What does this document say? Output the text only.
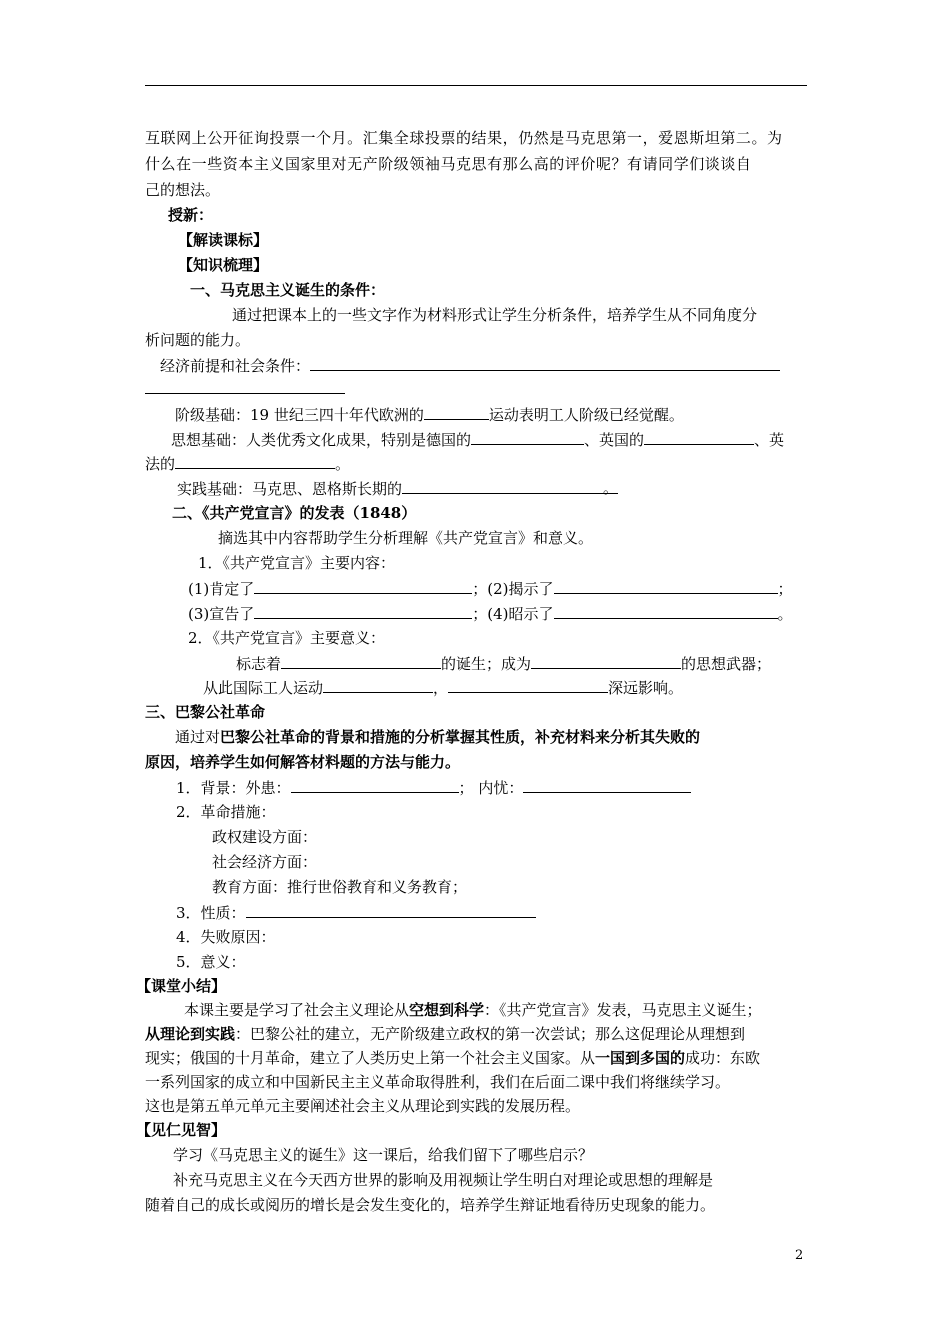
互联网上公开征询投票一个月。汇集全球投票的结果，仍然是马克思第一，爱恩斯坦第二。为
什么在一些资本主义国家里对无产阶级领袖马克思有那么高的评价呢？有请同学们谈谈自
己的想法。
授新：
【解读课标】
【知识梳理】
一、马克思主义诞生的条件：
通过把课本上的一些文字作为材料形式让学生分析条件，培养学生从不同角度分
析问题的能力。
经济前提和社会条件：
阶级基础：19 世纪三四十年代欧洲的	运动表明工人阶级已经觉醒。
思想基础：人类优秀文化成果，特别是德国的	、英国的	、英
法的	。
实践基础：马克思、恩格斯长期的	。
二、《共产党宣言》的发表（1848）
摘选其中内容帮助学生分析理解《共产党宣言》和意义。
1．《共产党宣言》主要内容：
(1)肯定了	；(2)揭示了	；
(3)宣告了	；(4)昭示了	。
2．《共产党宣言》主要意义：
标志着	的诞生；成为	的思想武器；
从此国际工人运动	，	深远影响。
三、巴黎公社革命
通过对巴黎公社革命的背景和措施的分析掌握其性质，补充材料来分析其失败的
原因，培养学生如何解答材料题的方法与能力。
1．背景：外患：	； 内忧：
2．革命措施：
政权建设方面：
社会经济方面：
教育方面：推行世俗教育和义务教育；
3．性质：
4．失败原因：
5．意义：
【课堂小结】
本课主要是学习了社会主义理论从空想到科学：《共产党宣言》发表，马克思主义诞生；
从理论到实践：巴黎公社的建立，无产阶级建立政权的第一次尝试；那么这促理论从理想到
现实；俄国的十月革命，建立了人类历史上第一个社会主义国家。从一国到多国的成功：东欧
一系列国家的成立和中国新民主主义革命取得胜利，我们在后面二课中我们将继续学习。
这也是第五单元单元主要阐述社会主义从理论到实践的发展历程。
【见仁见智】
学习《马克思主义的诞生》这一课后，给我们留下了哪些启示？
补充马克思主义在今天西方世界的影响及用视频让学生明白对理论或思想的理解是
随着自己的成长或阅历的增长是会发生变化的，培养学生辩证地看待历史现象的能力。
2
